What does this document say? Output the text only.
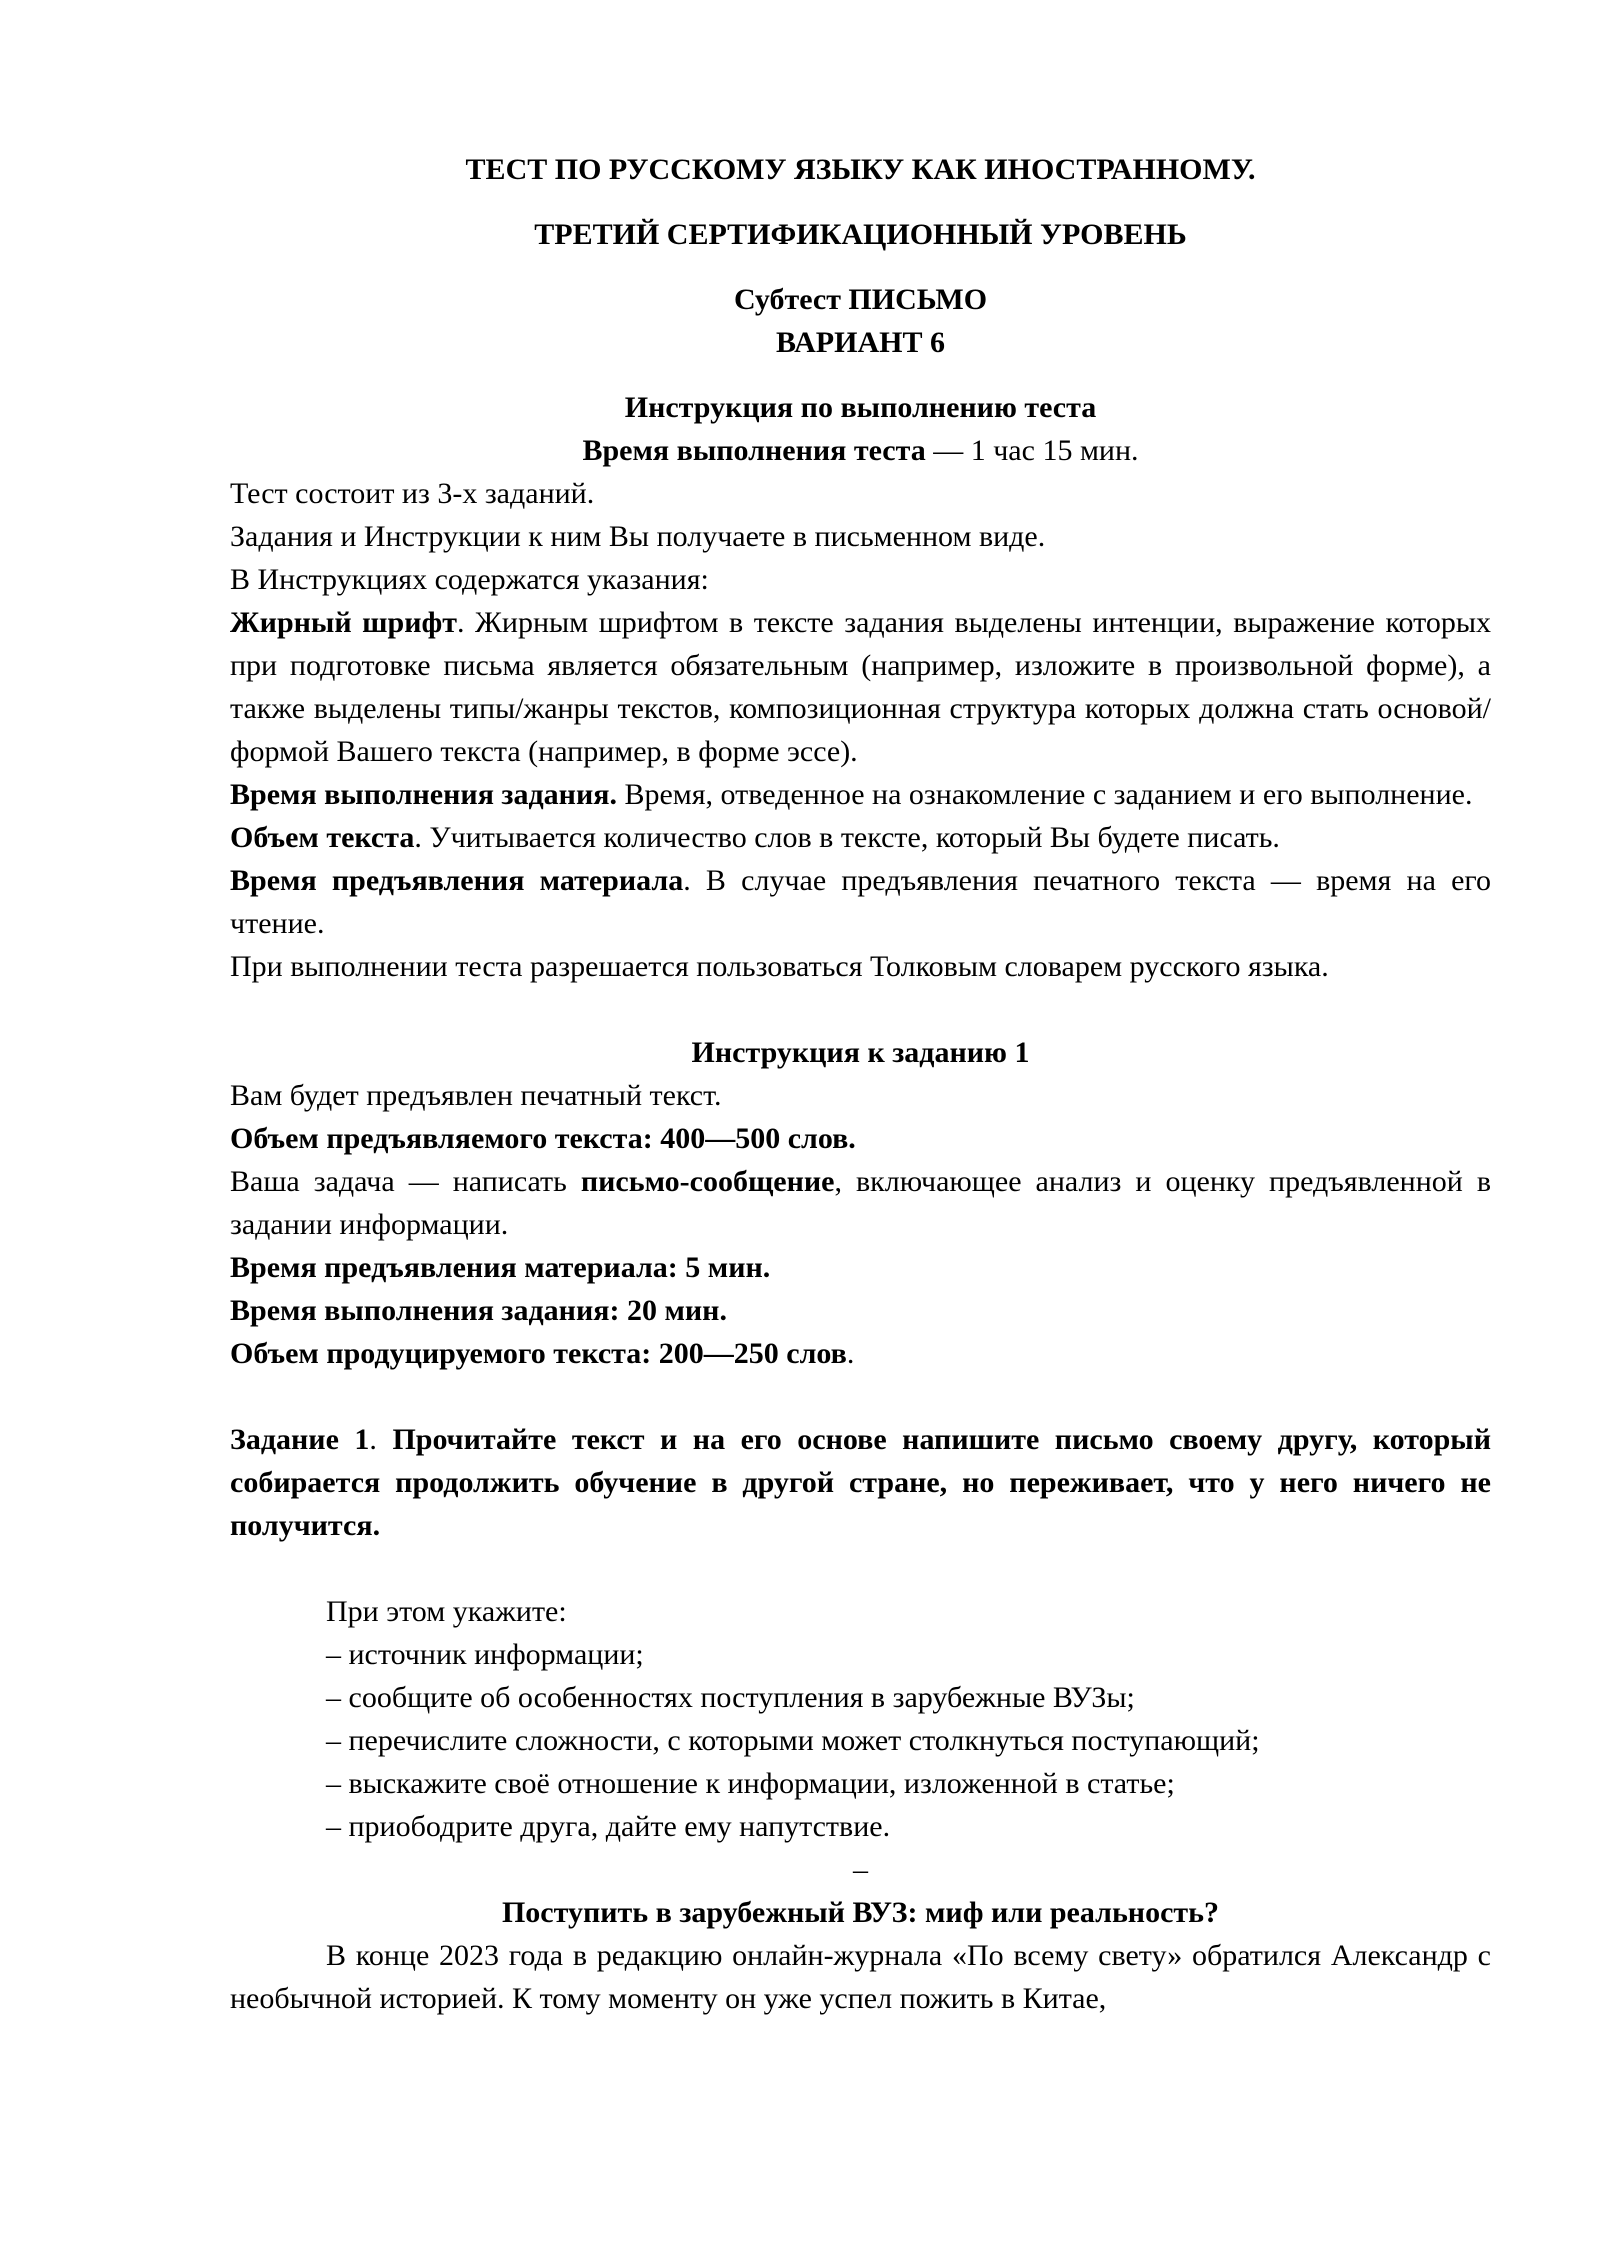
ТЕСТ ПО РУССКОМУ ЯЗЫКУ КАК ИНОСТРАННОМУ.

ТРЕТИЙ СЕРТИФИКАЦИОННЫЙ УРОВЕНЬ

Субтест ПИСЬМО

ВАРИАНТ 6

Инструкция по выполнению теста

Время выполнения теста — 1 час 15 мин.

Тест состоит из 3-х заданий.

Задания и Инструкции к ним Вы получаете в письменном виде.

В Инструкциях содержатся указания:

Жирный шрифт. Жирным шрифтом в тексте задания выделены интенции, выражение которых при подготовке письма является обязательным (например, изложите в произвольной форме), а также выделены типы/жанры текстов, композиционная структура которых должна стать основой/формой Вашего текста (например, в форме эссе).

Время выполнения задания. Время, отведенное на ознакомление с заданием и его выполнение.

Объем текста. Учитывается количество слов в тексте, который Вы будете писать.

Время предъявления материала. В случае предъявления печатного текста — время на его чтение.

При выполнении теста разрешается пользоваться Толковым словарем русского языка.

Инструкция к заданию 1

Вам будет предъявлен печатный текст.

Объем предъявляемого текста: 400—500 слов.

Ваша задача — написать письмо-сообщение, включающее анализ и оценку предъявленной в задании информации.

Время предъявления материала: 5 мин.

Время выполнения задания: 20 мин.

Объем продуцируемого текста: 200—250 слов.

Задание 1. Прочитайте текст и на его основе напишите письмо своему другу, который собирается продолжить обучение в другой стране, но переживает, что у него ничего не получится.

При этом укажите:

– источник информации;

– сообщите об особенностях поступления в зарубежные ВУЗы;

– перечислите сложности, с которыми может столкнуться поступающий;

– выскажите своё отношение к информации, изложенной в статье;

– приободрите друга, дайте ему напутствие.

–

Поступить в зарубежный ВУЗ: миф или реальность?

В конце 2023 года в редакцию онлайн-журнала «По всему свету» обратился Александр с необычной историей. К тому моменту он уже успел пожить в Китае,
